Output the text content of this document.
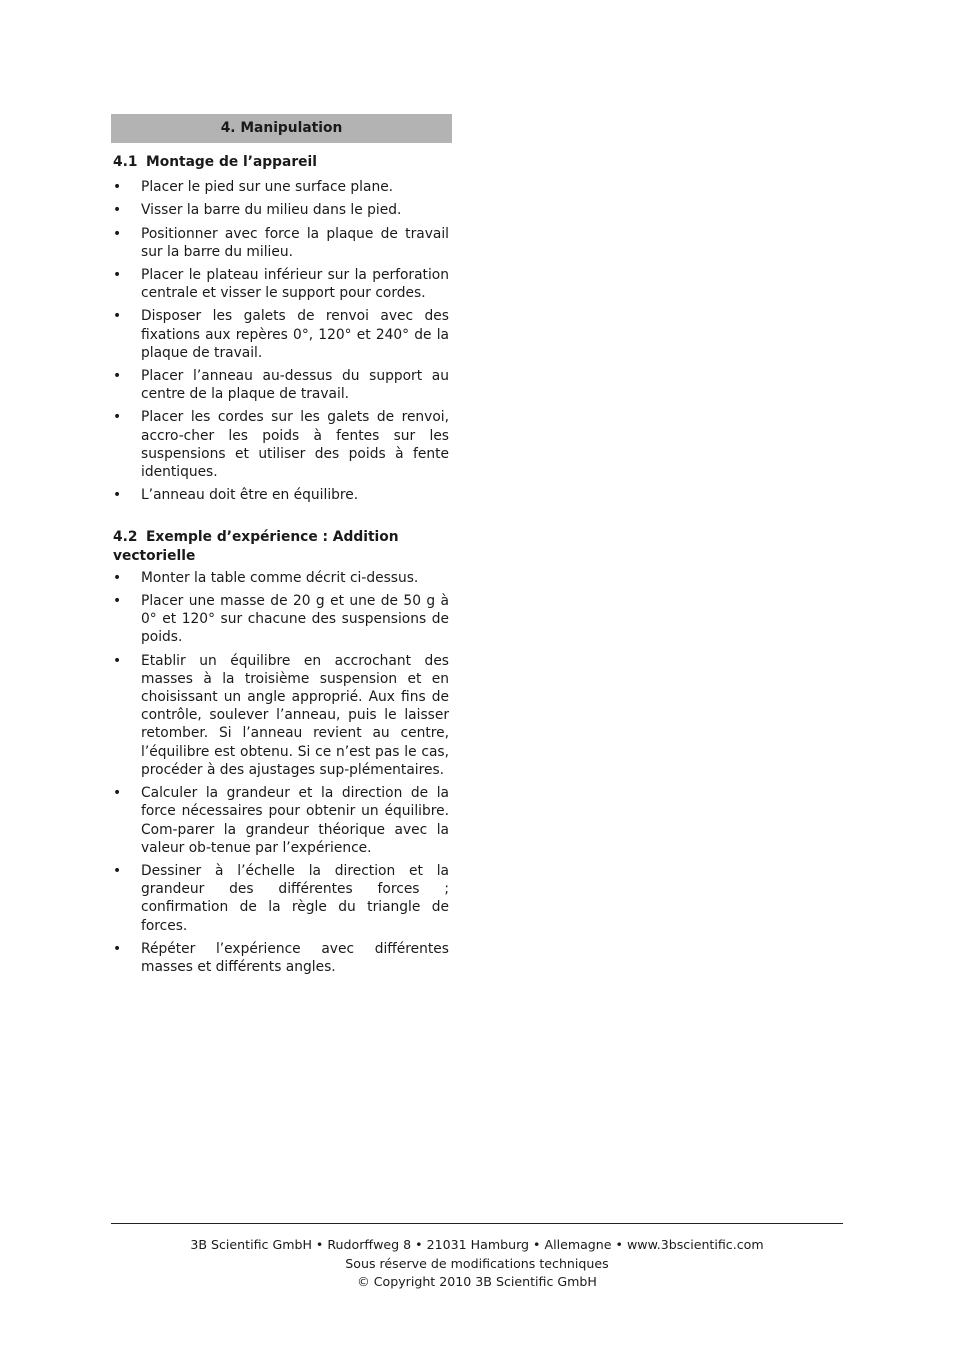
4. Manipulation
4.1 Montage de l’appareil
• Placer le pied sur une surface plane.
• Visser la barre du milieu dans le pied.
• Positionner avec force la plaque de travail sur la barre du milieu.
• Placer le plateau inférieur sur la perforation centrale et visser le support pour cordes.
• Disposer les galets de renvoi avec des fixations aux repères 0°, 120° et 240° de la plaque de travail.
• Placer l’anneau au-dessus du support au centre de la plaque de travail.
• Placer les cordes sur les galets de renvoi, accro-cher les poids à fentes sur les suspensions et utiliser des poids à fente identiques.
• L’anneau doit être en équilibre.
4.2 Exemple d’expérience : Addition vectorielle
• Monter la table comme décrit ci-dessus.
• Placer une masse de 20 g et une de 50 g à 0° et 120° sur chacune des suspensions de poids.
• Etablir un équilibre en accrochant des masses à la troisième suspension et en choisissant un angle approprié. Aux fins de contrôle, soulever l’anneau, puis le laisser retomber. Si l’anneau revient au centre, l’équilibre est obtenu. Si ce n’est pas le cas, procéder à des ajustages sup-plémentaires.
• Calculer la grandeur et la direction de la force nécessaires pour obtenir un équilibre. Com-parer la grandeur théorique avec la valeur ob-tenue par l’expérience.
• Dessiner à l’échelle la direction et la grandeur des différentes forces ; confirmation de la règle du triangle de forces.
• Répéter l’expérience avec différentes masses et différents angles.
3B Scientific GmbH • Rudorffweg 8 • 21031 Hamburg • Allemagne • www.3bscientific.com
Sous réserve de modifications techniques
© Copyright 2010 3B Scientific GmbH
